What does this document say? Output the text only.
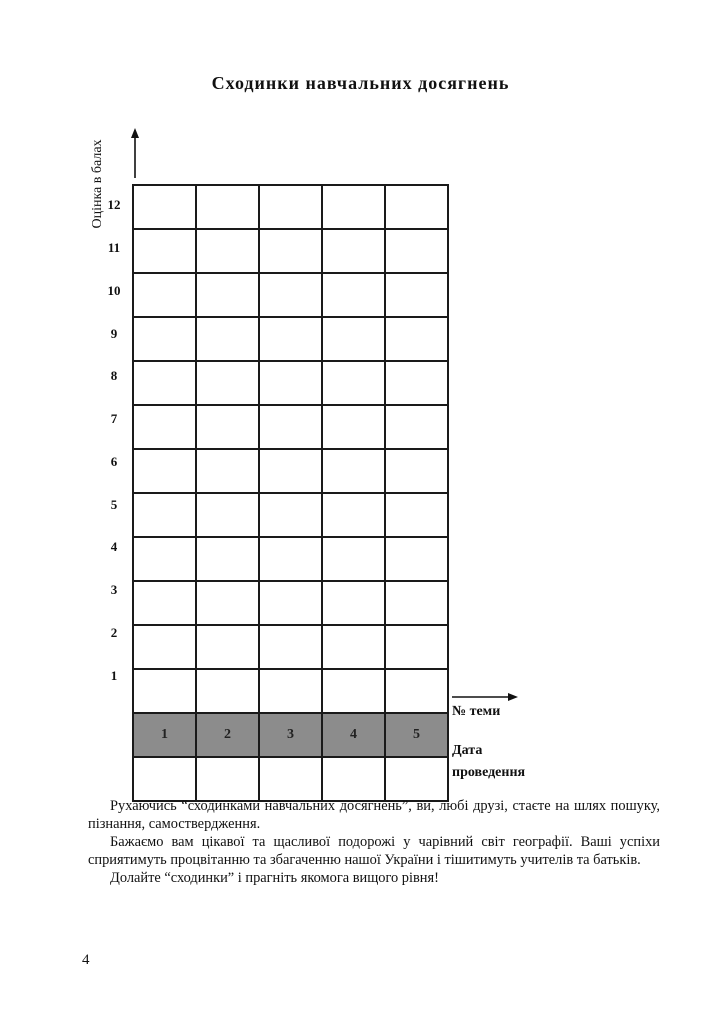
Сходинки навчальних досягнень
Оцінка в балах 12
11
10
9
8
7
6
5
4
3
2
1

1	2	3	4	5

№ теми
Дата
проведення

Рухаючись “сходинками навчальних досягнень”, ви, любі друзі, стаєте на шлях пошуку, пізнання, самоствердження.

Бажаємо вам цікавої та щасливої подорожі у чарівний світ географії. Ваші успіхи сприятимуть процвітанню та збагаченню нашої України і тішитимуть учителів та батьків.

Долайте “сходинки” і прагніть якомога вищого рівня!

4
